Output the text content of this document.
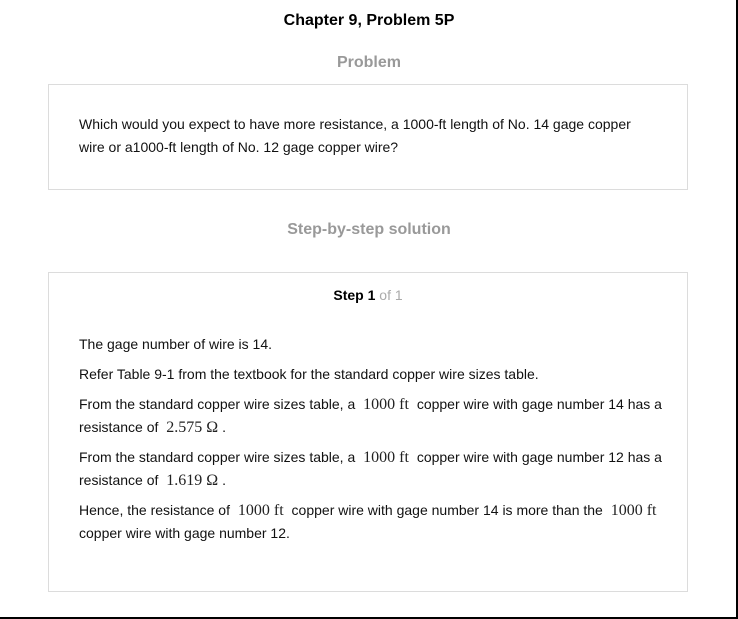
Chapter 9, Problem 5P
Problem
Which would you expect to have more resistance, a 1000-ft length of No. 14 gage copper wire or a1000-ft length of No. 12 gage copper wire?
Step-by-step solution
Step 1 of 1

The gage number of wire is 14.

Refer Table 9-1 from the textbook for the standard copper wire sizes table.

From the standard copper wire sizes table, a 1000 ft copper wire with gage number 14 has a resistance of 2.575 Ω .

From the standard copper wire sizes table, a 1000 ft copper wire with gage number 12 has a resistance of 1.619 Ω .

Hence, the resistance of 1000 ft copper wire with gage number 14 is more than the 1000 ft copper wire with gage number 12.
